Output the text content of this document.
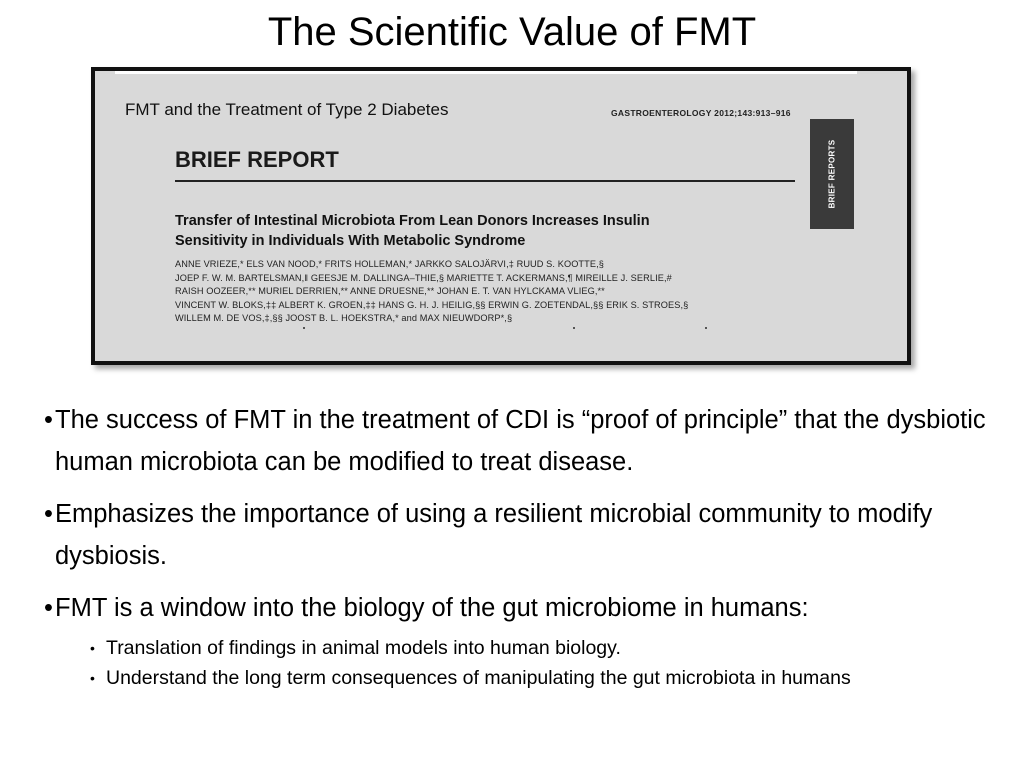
The Scientific Value of FMT
FMT and the Treatment of Type 2 Diabetes	GASTROENTEROLOGY 2012;143:913–916
BRIEF REPORT	BRIEF REPORTS
Transfer of Intestinal Microbiota From Lean Donors Increases Insulin
Sensitivity in Individuals With Metabolic Syndrome
ANNE VRIEZE,* ELS VAN NOOD,* FRITS HOLLEMAN,* JARKKO SALOJÄRVI,‡ RUUD S. KOOTTE,§
JOEP F. W. M. BARTELSMAN,‖ GEESJE M. DALLINGA–THIE,§ MARIETTE T. ACKERMANS,¶ MIREILLE J. SERLIE,#
RAISH OOZEER,** MURIEL DERRIEN,** ANNE DRUESNE,** JOHAN E. T. VAN HYLCKAMA VLIEG,**
VINCENT W. BLOKS,‡‡ ALBERT K. GROEN,‡‡ HANS G. H. J. HEILIG,§§ ERWIN G. ZOETENDAL,§§ ERIK S. STROES,§
WILLEM M. DE VOS,‡,§§ JOOST B. L. HOEKSTRA,* and MAX NIEUWDORP*,§
• The success of FMT in the treatment of CDI is “proof of principle” that the dysbiotic human microbiota can be modified to treat disease.
• Emphasizes the importance of using a resilient microbial community to modify dysbiosis.
• FMT is a window into the biology of the gut microbiome in humans:
• Translation of findings in animal models into human biology.
• Understand the long term consequences of manipulating the gut microbiota in humans
